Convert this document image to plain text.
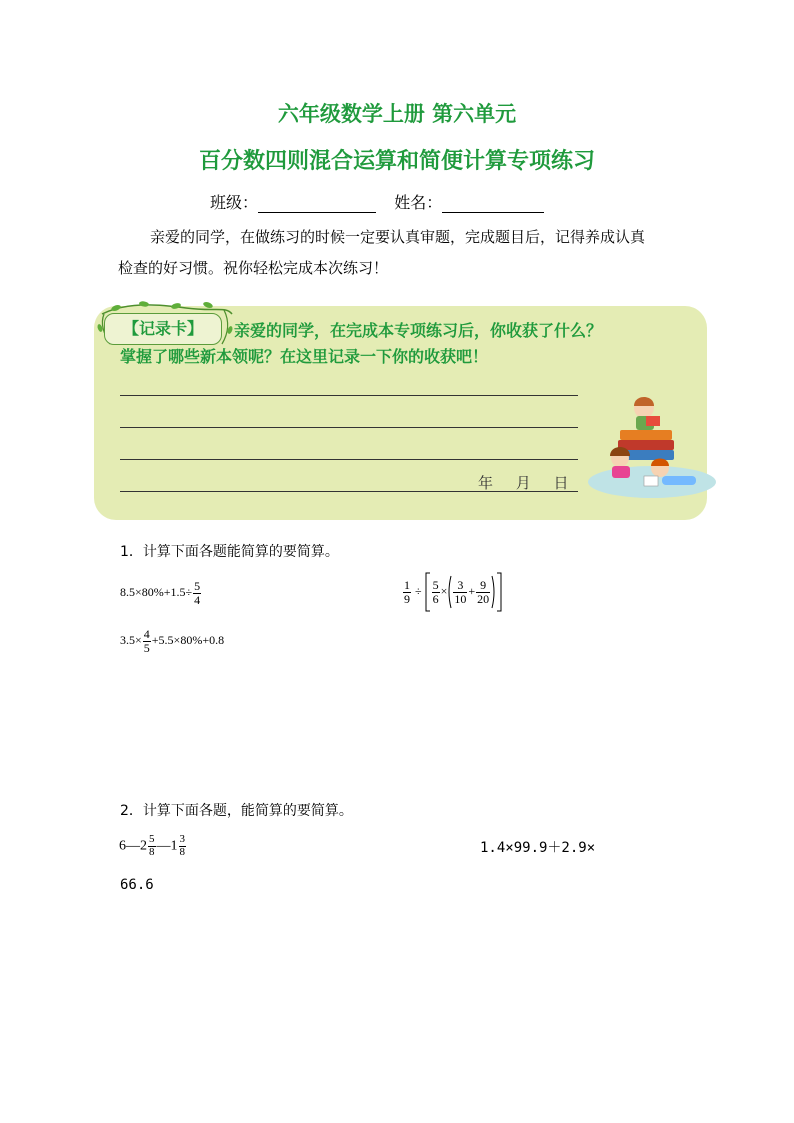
六年级数学上册 第六单元
百分数四则混合运算和简便计算专项练习
班级：	姓名：
亲爱的同学，在做练习的时候一定要认真审题，完成题目后，记得养成认真
检查的好习惯。祝你轻松完成本次练习！
【记录卡】	亲爱的同学，在完成本专项练习后，你收获了什么？
掌握了哪些新本领呢？在这里记录一下你的收获吧！
年 月 日
1．计算下面各题能简算的要简算。
$8.5\times 80\%+1.5\div \frac{5}{4}$	$\frac{1}{9} \div \frac{5}{6} \times \frac{3}{10} + \frac{9}{20}$
$3.5\times \frac{4}{5} +5.5\times 80\%+0.8$
2．计算下面各题，能简算的要简算。
6—2 $\frac{5}{8}$ —1 $\frac{3}{8}$	1.4×99.9＋2.9×
66.6
